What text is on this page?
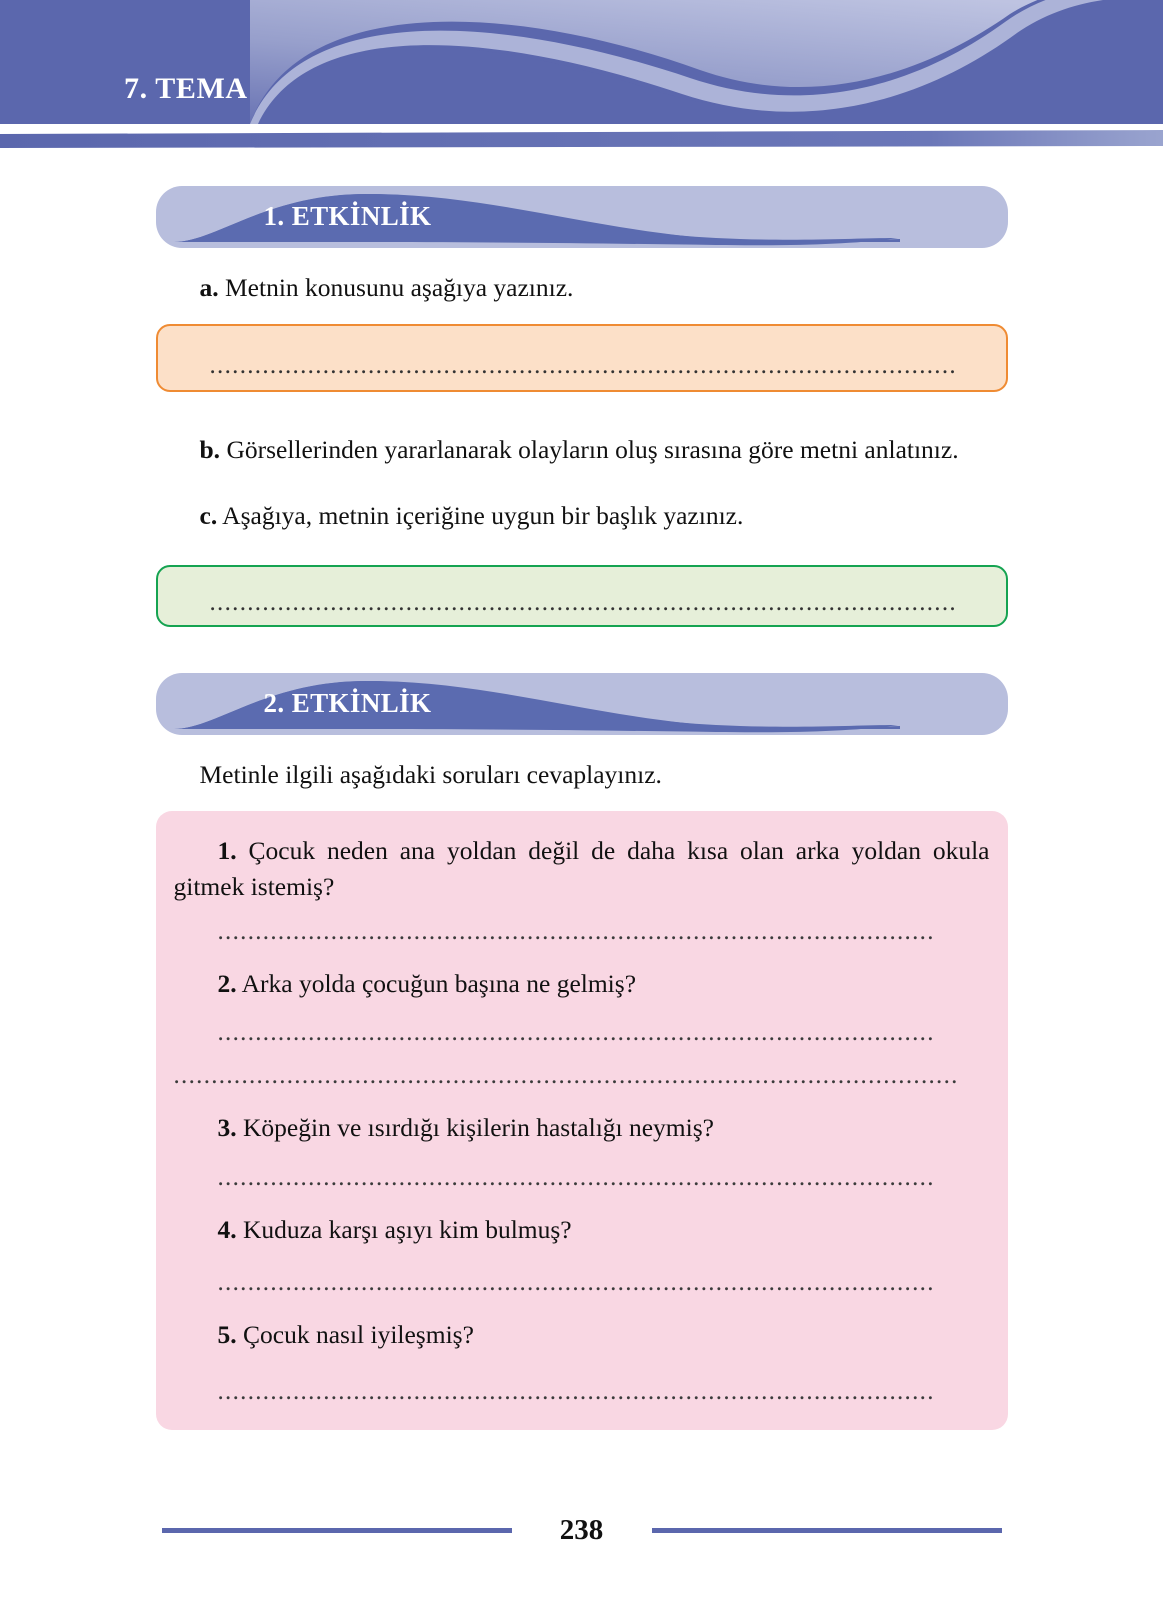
7. TEMA
1. ETKİNLİK

a. Metnin konusunu aşağıya yazınız.

...................................................................................................

b. Görsellerinden yararlanarak olayların oluş sırasına göre metni anlatınız.

c. Aşağıya, metnin içeriğine uygun bir başlık yazınız.

...................................................................................................
2. ETKİNLİK

Metinle ilgili aşağıdaki soruları cevaplayınız.

1. Çocuk neden ana yoldan değil de daha kısa olan arka yoldan okula gitmek istemiş?

...............................................................................................

2. Arka yolda çocuğun başına ne gelmiş?

...............................................................................................
........................................................................................................

3. Köpeğin ve ısırdığı kişilerin hastalığı neymiş?

...............................................................................................

4. Kuduza karşı aşıyı kim bulmuş?

...............................................................................................

5. Çocuk nasıl iyileşmiş?

...............................................................................................
238
